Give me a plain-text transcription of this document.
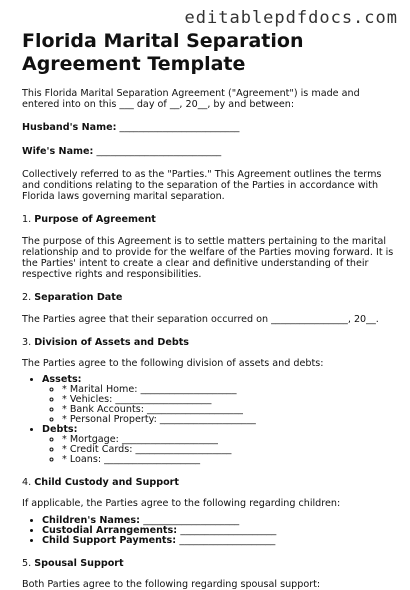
editablepdfdocs.com
Florida Marital Separation Agreement Template

This Florida Marital Separation Agreement ("Agreement") is made and entered into on this ___ day of __, 20__, by and between:

Husband's Name: _________________________
Wife's Name: __________________________

Collectively referred to as the "Parties." This Agreement outlines the terms and conditions relating to the separation of the Parties in accordance with Florida laws governing marital separation.

1. Purpose of Agreement

The purpose of this Agreement is to settle matters pertaining to the marital relationship and to provide for the welfare of the Parties moving forward. It is the Parties' intent to create a clear and definitive understanding of their respective rights and responsibilities.

2. Separation Date

The Parties agree that their separation occurred on ________________, 20__.

3. Division of Assets and Debts

The Parties agree to the following division of assets and debts:

• Assets:
◦ * Marital Home: ____________________
◦ * Vehicles: ____________________
◦ * Bank Accounts: ____________________
◦ * Personal Property: ____________________
• Debts:
◦ * Mortgage: ____________________
◦ * Credit Cards: ____________________
◦ * Loans: ____________________
4. Child Custody and Support

If applicable, the Parties agree to the following regarding children:

• Children's Names: ____________________
• Custodial Arrangements: ____________________
• Child Support Payments: ____________________
5. Spousal Support

Both Parties agree to the following regarding spousal support:
